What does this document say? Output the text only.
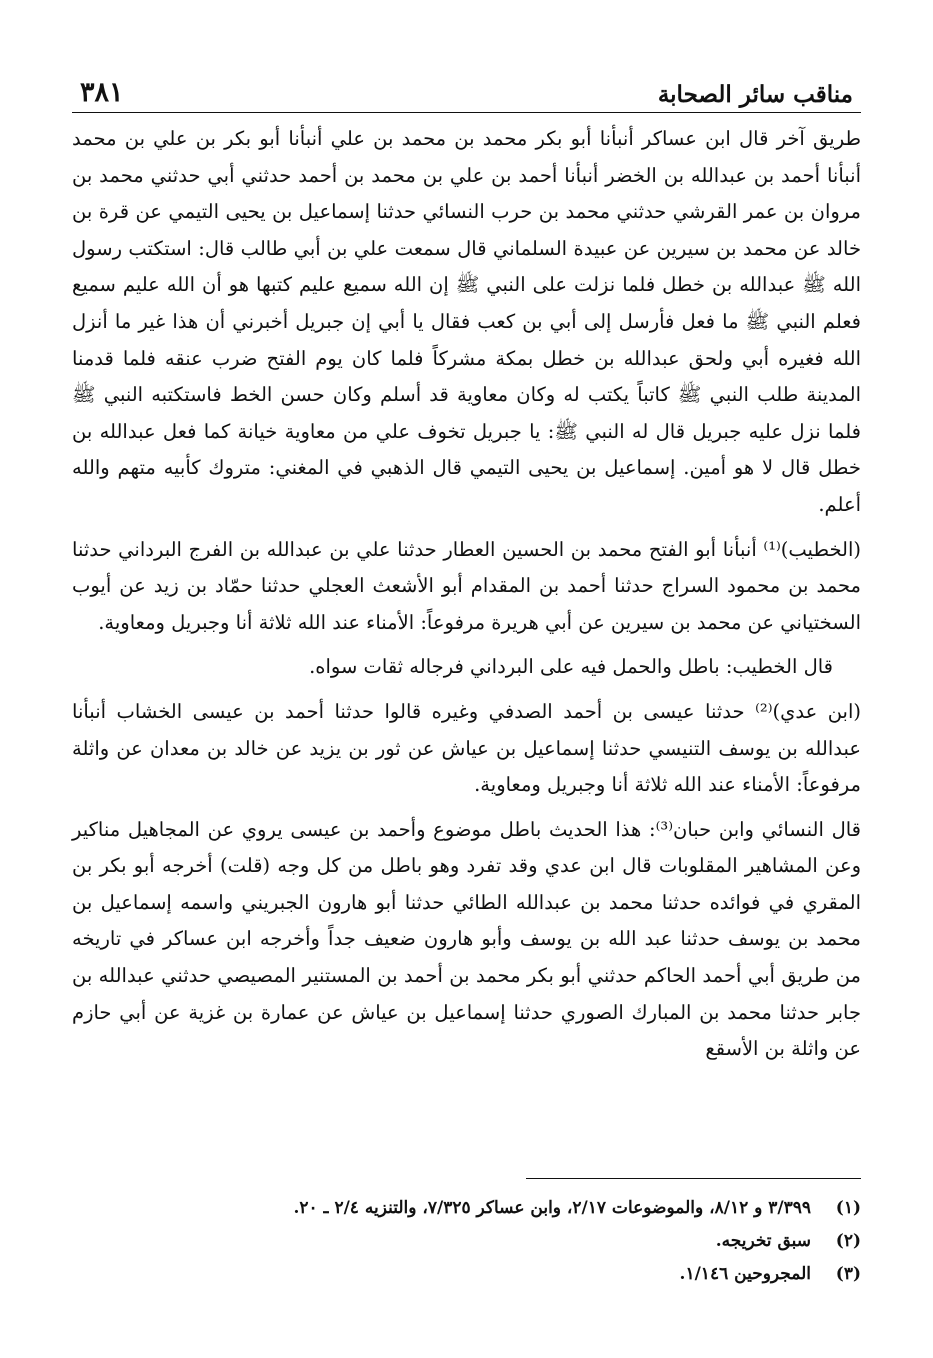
مناقب سائر الصحابة
٣٨١

طريق آخر قال ابن عساكر أنبأنا أبو بكر محمد بن محمد بن علي أنبأنا أبو بكر بن علي بن محمد أنبأنا أحمد بن عبدالله بن الخضر أنبأنا أحمد بن علي بن محمد بن أحمد حدثني أبي حدثني محمد بن مروان بن عمر القرشي حدثني محمد بن حرب النسائي حدثنا إسماعيل بن يحيى التيمي عن قرة بن خالد عن محمد بن سيرين عن عبيدة السلماني قال سمعت علي بن أبي طالب قال: استكتب رسول الله ﷺ عبدالله بن خطل فلما نزلت على النبي ﷺ إن الله سميع عليم كتبها هو أن الله عليم سميع فعلم النبي ﷺ ما فعل فأرسل إلى أبي بن كعب فقال يا أبي إن جبريل أخبرني أن هذا غير ما أنزل الله فغيره أبي ولحق عبدالله بن خطل بمكة مشركاً فلما كان يوم الفتح ضرب عنقه فلما قدمنا المدينة طلب النبي ﷺ كاتباً يكتب له وكان معاوية قد أسلم وكان حسن الخط فاستكتبه النبي ﷺ فلما نزل عليه جبريل قال له النبي ﷺ: يا جبريل تخوف علي من معاوية خيانة كما فعل عبدالله بن خطل قال لا هو أمين. إسماعيل بن يحيى التيمي قال الذهبي في المغني: متروك كأبيه متهم والله أعلم.

(الخطيب)⁽¹⁾ أنبأنا أبو الفتح محمد بن الحسين العطار حدثنا علي بن عبدالله بن الفرج البرداني حدثنا محمد بن محمود السراج حدثنا أحمد بن المقدام أبو الأشعث العجلي حدثنا حمّاد بن زيد عن أيوب السختياني عن محمد بن سيرين عن أبي هريرة مرفوعاً: الأمناء عند الله ثلاثة أنا وجبريل ومعاوية.

قال الخطيب: باطل والحمل فيه على البرداني فرجاله ثقات سواه.

(ابن عدي)⁽²⁾ حدثنا عيسى بن أحمد الصدفي وغيره قالوا حدثنا أحمد بن عيسى الخشاب أنبأنا عبدالله بن يوسف التنيسي حدثنا إسماعيل بن عياش عن ثور بن يزيد عن خالد بن معدان عن واثلة مرفوعاً: الأمناء عند الله ثلاثة أنا وجبريل ومعاوية.

قال النسائي وابن حبان⁽³⁾: هذا الحديث باطل موضوع وأحمد بن عيسى يروي عن المجاهيل مناكير وعن المشاهير المقلوبات قال ابن عدي وقد تفرد وهو باطل من كل وجه (قلت) أخرجه أبو بكر بن المقري في فوائده حدثنا محمد بن عبدالله الطائي حدثنا أبو هارون الجبريني واسمه إسماعيل بن محمد بن يوسف حدثنا عبد الله بن يوسف وأبو هارون ضعيف جداً وأخرجه ابن عساكر في تاريخه من طريق أبي أحمد الحاكم حدثني أبو بكر محمد بن أحمد بن المستنير المصيصي حدثني عبدالله بن جابر حدثنا محمد بن المبارك الصوري حدثنا إسماعيل بن عياش عن عمارة بن غزية عن أبي حازم عن واثلة بن الأسقع

(١)
٣/٣٩٩ و ٨/١٢، والموضوعات ٢/١٧، وابن عساكر ٧/٣٢٥، والتنزيه ٢/٤ ـ ٢٠.
(٢)
سبق تخريجه.
(٣)
المجروحين ١/١٤٦.
